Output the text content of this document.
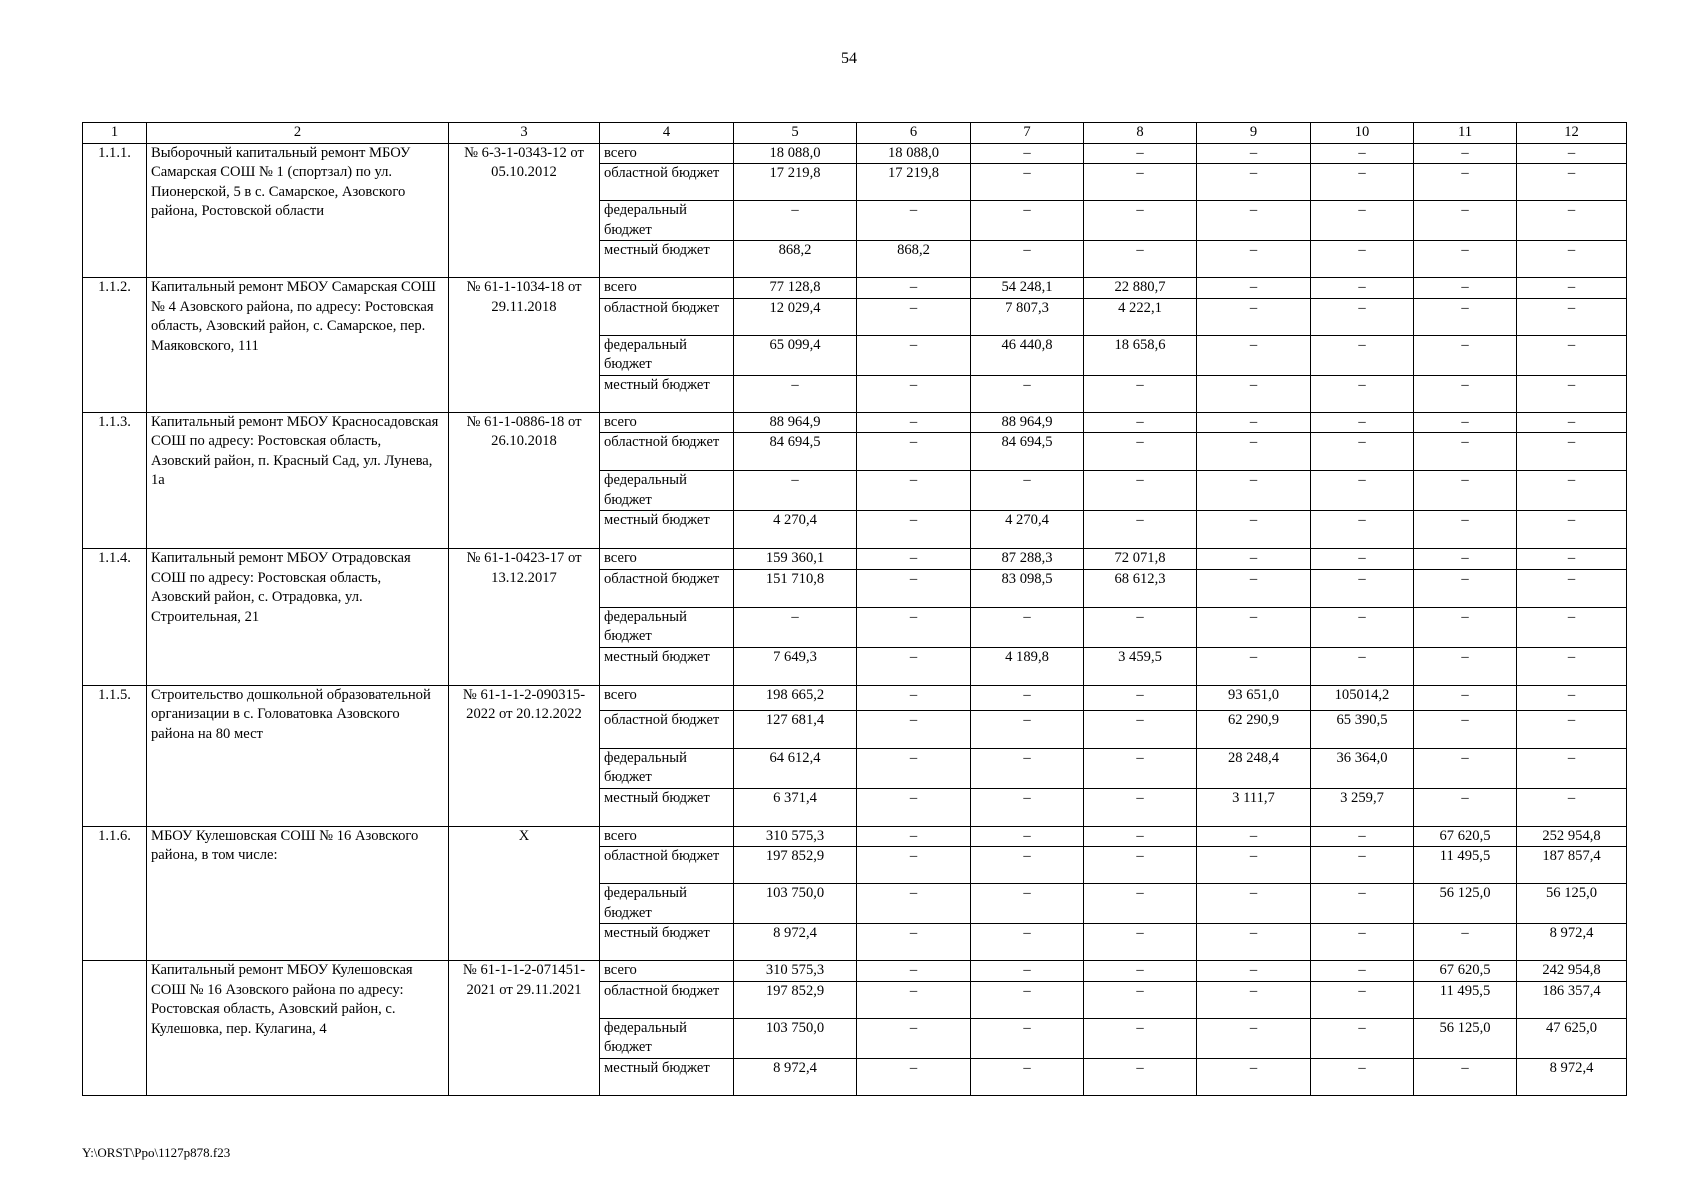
54
1	2	3	4	5	6	7	8	9	10	11	12
1.1.1.	Выборочный капитальный ремонт МБОУ Самарская СОШ № 1 (спортзал) по ул. Пионерской, 5 в с. Самарское, Азовского района, Ростовской области	№ 6-3-1-0343-12 от 05.10.2012	всего	18 088,0	18 088,0	–	–	–	–	–	–
			областной бюджет	17 219,8	17 219,8	–	–	–	–	–	–
			федеральный бюджет	–	–	–	–	–	–	–	–
			местный бюджет	868,2	868,2	–	–	–	–	–	–
1.1.2.	Капитальный ремонт МБОУ Самарская СОШ № 4 Азовского района, по адресу: Ростовская область, Азовский район, с. Самарское, пер. Маяковского, 111	№ 61-1-1034-18 от 29.11.2018	всего	77 128,8	–	54 248,1	22 880,7	–	–	–	–
			областной бюджет	12 029,4	–	7 807,3	4 222,1	–	–	–	–
			федеральный бюджет	65 099,4	–	46 440,8	18 658,6	–	–	–	–
			местный бюджет	–	–	–	–	–	–	–	–
1.1.3.	Капитальный ремонт МБОУ Красносадовская СОШ по адресу: Ростовская область, Азовский район, п. Красный Сад, ул. Лунева, 1а	№ 61-1-0886-18 от 26.10.2018	всего	88 964,9	–	88 964,9	–	–	–	–	–
			областной бюджет	84 694,5	–	84 694,5	–	–	–	–	–
			федеральный бюджет	–	–	–	–	–	–	–	–
			местный бюджет	4 270,4	–	4 270,4	–	–	–	–	–
1.1.4.	Капитальный ремонт МБОУ Отрадовская СОШ по адресу: Ростовская область, Азовский район, с. Отрадовка, ул. Строительная, 21	№ 61-1-0423-17 от 13.12.2017	всего	159 360,1	–	87 288,3	72 071,8	–	–	–	–
			областной бюджет	151 710,8	–	83 098,5	68 612,3	–	–	–	–
			федеральный бюджет	–	–	–	–	–	–	–	–
			местный бюджет	7 649,3	–	4 189,8	3 459,5	–	–	–	–
1.1.5.	Строительство дошкольной образовательной организации в с. Головатовка Азовского района на 80 мест	№ 61-1-1-2-090315-2022 от 20.12.2022	всего	198 665,2	–	–	–	93 651,0	105014,2	–	–
			областной бюджет	127 681,4	–	–	–	62 290,9	65 390,5	–	–
			федеральный бюджет	64 612,4	–	–	–	28 248,4	36 364,0	–	–
			местный бюджет	6 371,4	–	–	–	3 111,7	3 259,7	–	–
1.1.6.	МБОУ Кулешовская СОШ № 16 Азовского района, в том числе:	Х	всего	310 575,3	–	–	–	–	–	67 620,5	252 954,8
			областной бюджет	197 852,9	–	–	–	–	–	11 495,5	187 857,4
			федеральный бюджет	103 750,0	–	–	–	–	–	56 125,0	56 125,0
			местный бюджет	8 972,4	–	–	–	–	–	–	8 972,4
	Капитальный ремонт МБОУ Кулешовская СОШ № 16 Азовского района по адресу: Ростовская область, Азовский район, с. Кулешовка, пер. Кулагина, 4	№ 61-1-1-2-071451-2021 от 29.11.2021	всего	310 575,3	–	–	–	–	–	67 620,5	242 954,8
			областной бюджет	197 852,9	–	–	–	–	–	11 495,5	186 357,4
			федеральный бюджет	103 750,0	–	–	–	–	–	56 125,0	47 625,0
			местный бюджет	8 972,4	–	–	–	–	–	–	8 972,4
Y:\ORST\Ppo\1127p878.f23
